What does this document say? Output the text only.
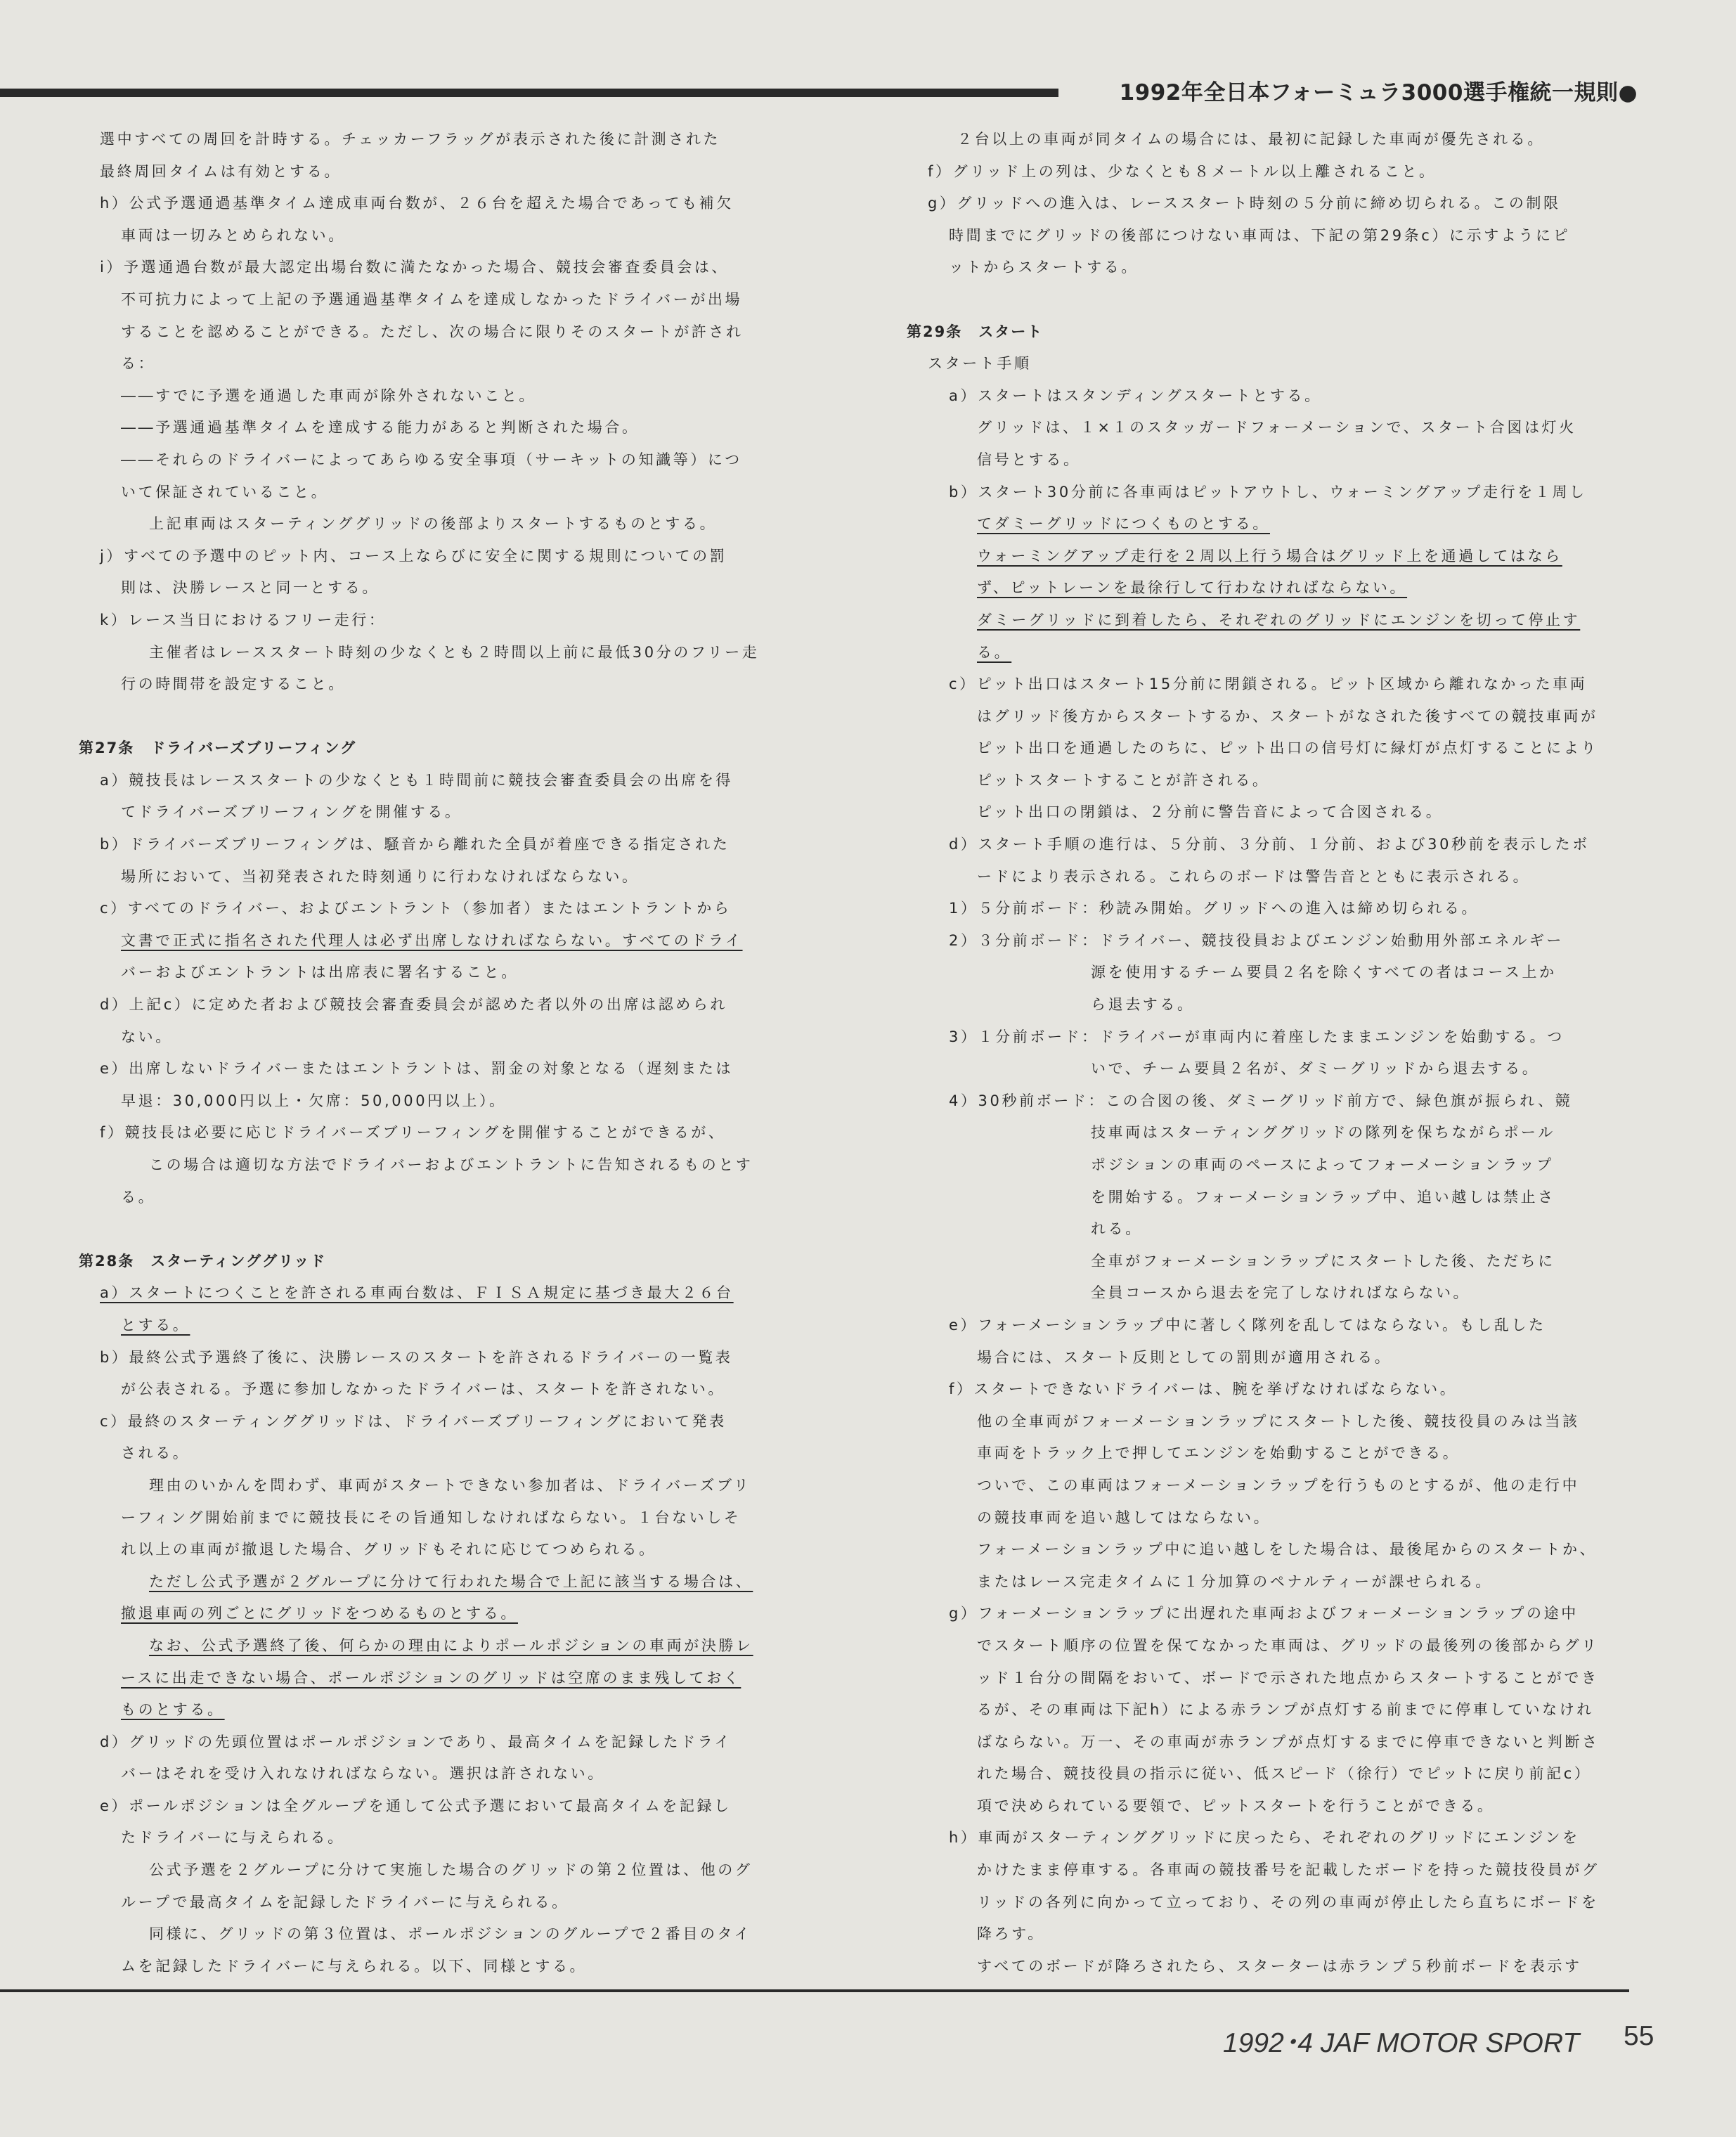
1992年全日本フォーミュラ3000選手権統一規則●
選中すべての周回を計時する。チェッカーフラッグが表示された後に計測された
最終周回タイムは有効とする。
h）公式予選通過基準タイム達成車両台数が、２６台を超えた場合であっても補欠
車両は一切みとめられない。
i）予選通過台数が最大認定出場台数に満たなかった場合、競技会審査委員会は、
不可抗力によって上記の予選通過基準タイムを達成しなかったドライバーが出場
することを認めることができる。ただし、次の場合に限りそのスタートが許され
る：
――すでに予選を通過した車両が除外されないこと。
――予選通過基準タイムを達成する能力があると判断された場合。
――それらのドライバーによってあらゆる安全事項（サーキットの知識等）につ
いて保証されていること。
上記車両はスターティンググリッドの後部よりスタートするものとする。
j）すべての予選中のピット内、コース上ならびに安全に関する規則についての罰
則は、決勝レースと同一とする。
k）レース当日におけるフリー走行：
主催者はレーススタート時刻の少なくとも２時間以上前に最低30分のフリー走
行の時間帯を設定すること。
第27条　ドライバーズブリーフィング
a）競技長はレーススタートの少なくとも１時間前に競技会審査委員会の出席を得
てドライバーズブリーフィングを開催する。
b）ドライバーズブリーフィングは、騒音から離れた全員が着座できる指定された
場所において、当初発表された時刻通りに行わなければならない。
c）すべてのドライバー、およびエントラント（参加者）またはエントラントから
文書で正式に指名された代理人は必ず出席しなければならない。すべてのドライ
バーおよびエントラントは出席表に署名すること。
d）上記c）に定めた者および競技会審査委員会が認めた者以外の出席は認められ
ない。
e）出席しないドライバーまたはエントラントは、罰金の対象となる（遅刻または
早退：30,000円以上・欠席：50,000円以上）。
f）競技長は必要に応じドライバーズブリーフィングを開催することができるが、
この場合は適切な方法でドライバーおよびエントラントに告知されるものとす
る。
第28条　スターティンググリッド
a）スタートにつくことを許される車両台数は、ＦＩＳＡ規定に基づき最大２６台
とする。
b）最終公式予選終了後に、決勝レースのスタートを許されるドライバーの一覧表
が公表される。予選に参加しなかったドライバーは、スタートを許されない。
c）最終のスターティンググリッドは、ドライバーズブリーフィングにおいて発表
される。
理由のいかんを問わず、車両がスタートできない参加者は、ドライバーズブリ
ーフィング開始前までに競技長にその旨通知しなければならない。１台ないしそ
れ以上の車両が撤退した場合、グリッドもそれに応じてつめられる。
ただし公式予選が２グループに分けて行われた場合で上記に該当する場合は、
撤退車両の列ごとにグリッドをつめるものとする。
なお、公式予選終了後、何らかの理由によりポールポジションの車両が決勝レ
ースに出走できない場合、ポールポジションのグリッドは空席のまま残しておく
ものとする。
d）グリッドの先頭位置はポールポジションであり、最高タイムを記録したドライ
バーはそれを受け入れなければならない。選択は許されない。
e）ポールポジションは全グループを通して公式予選において最高タイムを記録し
たドライバーに与えられる。
公式予選を２グループに分けて実施した場合のグリッドの第２位置は、他のグ
ループで最高タイムを記録したドライバーに与えられる。
同様に、グリッドの第３位置は、ポールポジションのグループで２番目のタイ
ムを記録したドライバーに与えられる。以下、同様とする。
２台以上の車両が同タイムの場合には、最初に記録した車両が優先される。
f）グリッド上の列は、少なくとも８メートル以上離されること。
g）グリッドへの進入は、レーススタート時刻の５分前に締め切られる。この制限
時間までにグリッドの後部につけない車両は、下記の第29条c）に示すようにピ
ットからスタートする。
第29条　スタート
スタート手順
a）スタートはスタンディングスタートとする。
グリッドは、１×１のスタッガードフォーメーションで、スタート合図は灯火
信号とする。
b）スタート30分前に各車両はピットアウトし、ウォーミングアップ走行を１周し
てダミーグリッドにつくものとする。
ウォーミングアップ走行を２周以上行う場合はグリッド上を通過してはなら
ず、ピットレーンを最徐行して行わなければならない。
ダミーグリッドに到着したら、それぞれのグリッドにエンジンを切って停止す
る。
c）ピット出口はスタート15分前に閉鎖される。ピット区域から離れなかった車両
はグリッド後方からスタートするか、スタートがなされた後すべての競技車両が
ピット出口を通過したのちに、ピット出口の信号灯に緑灯が点灯することにより
ピットスタートすることが許される。
ピット出口の閉鎖は、２分前に警告音によって合図される。
d）スタート手順の進行は、５分前、３分前、１分前、および30秒前を表示したボ
ードにより表示される。これらのボードは警告音とともに表示される。
1）５分前ボード：秒読み開始。グリッドへの進入は締め切られる。
2）３分前ボード：ドライバー、競技役員およびエンジン始動用外部エネルギー
源を使用するチーム要員２名を除くすべての者はコース上か
ら退去する。
3）１分前ボード：ドライバーが車両内に着座したままエンジンを始動する。つ
いで、チーム要員２名が、ダミーグリッドから退去する。
4）30秒前ボード：この合図の後、ダミーグリッド前方で、緑色旗が振られ、競
技車両はスターティンググリッドの隊列を保ちながらポール
ポジションの車両のペースによってフォーメーションラップ
を開始する。フォーメーションラップ中、追い越しは禁止さ
れる。
全車がフォーメーションラップにスタートした後、ただちに
全員コースから退去を完了しなければならない。
e）フォーメーションラップ中に著しく隊列を乱してはならない。もし乱した
場合には、スタート反則としての罰則が適用される。
f）スタートできないドライバーは、腕を挙げなければならない。
他の全車両がフォーメーションラップにスタートした後、競技役員のみは当該
車両をトラック上で押してエンジンを始動することができる。
ついで、この車両はフォーメーションラップを行うものとするが、他の走行中
の競技車両を追い越してはならない。
フォーメーションラップ中に追い越しをした場合は、最後尾からのスタートか、
またはレース完走タイムに１分加算のペナルティーが課せられる。
g）フォーメーションラップに出遅れた車両およびフォーメーションラップの途中
でスタート順序の位置を保てなかった車両は、グリッドの最後列の後部からグリ
ッド１台分の間隔をおいて、ボードで示された地点からスタートすることができ
るが、その車両は下記h）による赤ランプが点灯する前までに停車していなけれ
ばならない。万一、その車両が赤ランプが点灯するまでに停車できないと判断さ
れた場合、競技役員の指示に従い、低スピード（徐行）でピットに戻り前記c）
項で決められている要領で、ピットスタートを行うことができる。
h）車両がスターティンググリッドに戻ったら、それぞれのグリッドにエンジンを
かけたまま停車する。各車両の競技番号を記載したボードを持った競技役員がグ
リッドの各列に向かって立っており、その列の車両が停止したら直ちにボードを
降ろす。
すべてのボードが降ろされたら、スターターは赤ランプ５秒前ボードを表示す
1992･4 JAF MOTOR SPORT 55
